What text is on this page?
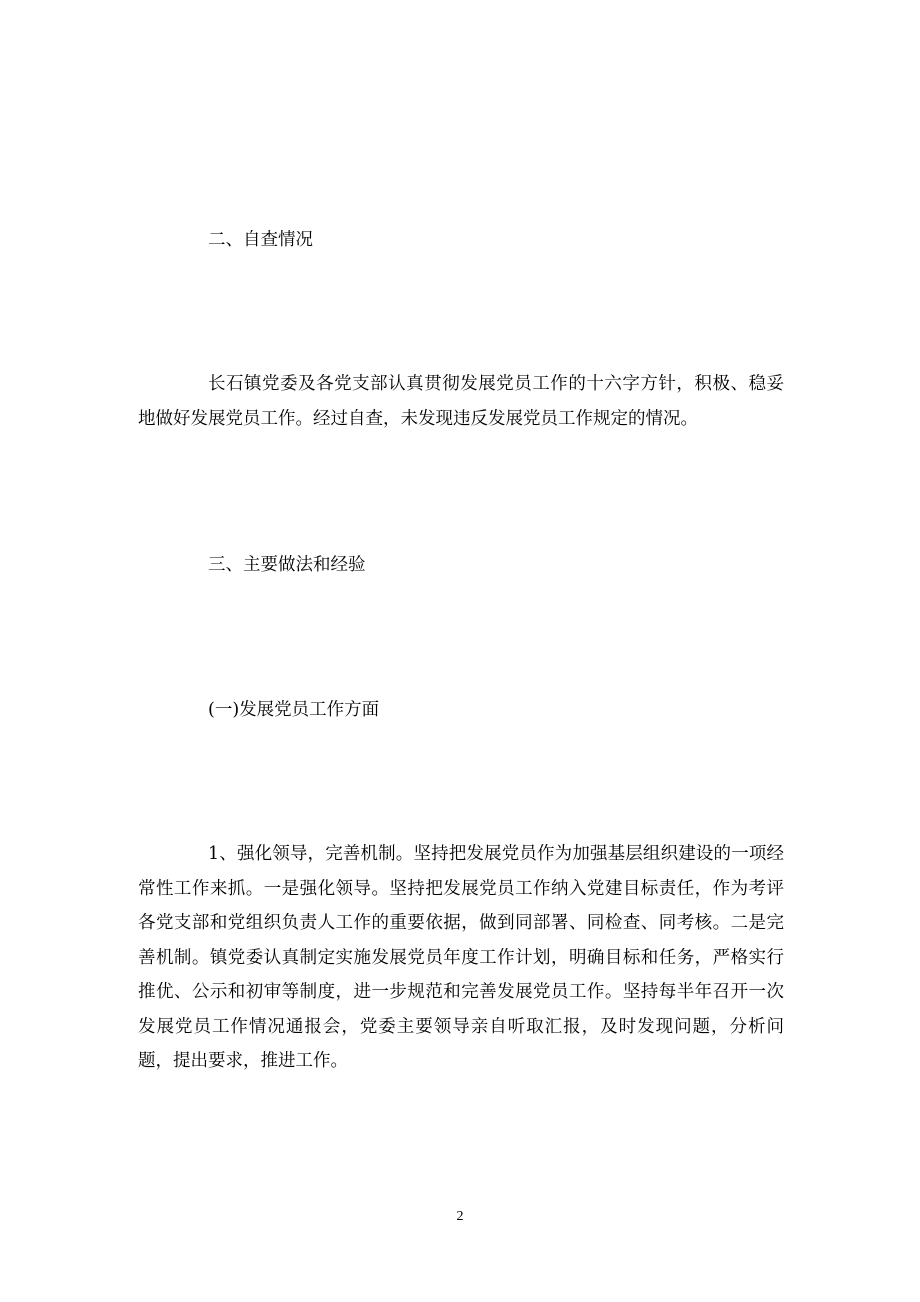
二、自查情况

长石镇党委及各党支部认真贯彻发展党员工作的十六字方针，积极、稳妥地做好发展党员工作。经过自查，未发现违反发展党员工作规定的情况。

三、主要做法和经验

(一)发展党员工作方面

1、强化领导，完善机制。坚持把发展党员作为加强基层组织建设的一项经常性工作来抓。一是强化领导。坚持把发展党员工作纳入党建目标责任，作为考评各党支部和党组织负责人工作的重要依据，做到同部署、同检查、同考核。二是完善机制。镇党委认真制定实施发展党员年度工作计划，明确目标和任务，严格实行推优、公示和初审等制度，进一步规范和完善发展党员工作。坚持每半年召开一次发展党员工作情况通报会，党委主要领导亲自听取汇报，及时发现问题，分析问题，提出要求，推进工作。

2
